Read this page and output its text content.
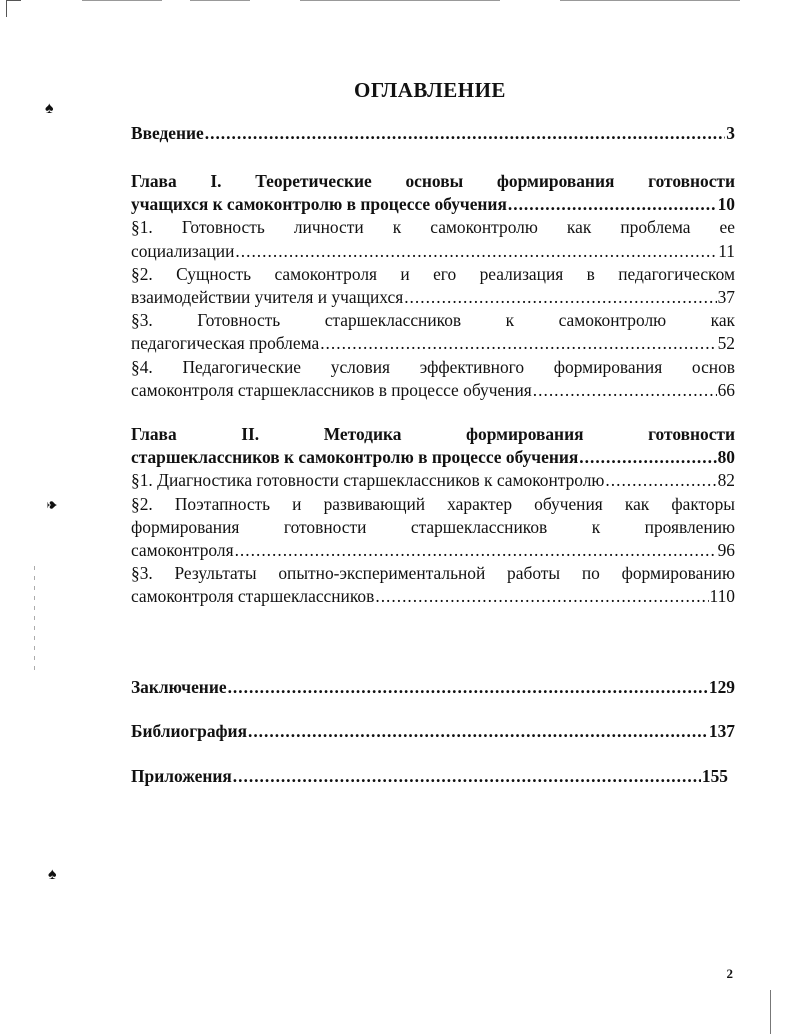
♠
♠
♠
ОГЛАВЛЕНИЕ
Введение .....	3
Глава I. Теоретические основы формирования готовности
учащихся к самоконтролю в процессе обучения .....	10
§1. Готовность личности к самоконтролю как проблема ее
социализации .....	11
§2. Сущность самоконтроля и его реализация в педагогическом
взаимодействии учителя и учащихся .....	37
§3. Готовность старшеклассников к самоконтролю как
педагогическая проблема .....	52
§4. Педагогические условия эффективного формирования основ
самоконтроля старшеклассников в процессе обучения .....	66
Глава II. Методика формирования готовности
старшеклассников к самоконтролю в процессе обучения .....	80
§1. Диагностика готовности старшеклассников к самоконтролю .....	82
§2. Поэтапность и развивающий характер обучения как факторы
формирования готовности старшеклассников к проявлению
самоконтроля .....	96
§3. Результаты опытно-экспериментальной работы по формированию
самоконтроля старшеклассников .....	110
Заключение .....	129
Библиография .....	137
Приложения .....	155
2
